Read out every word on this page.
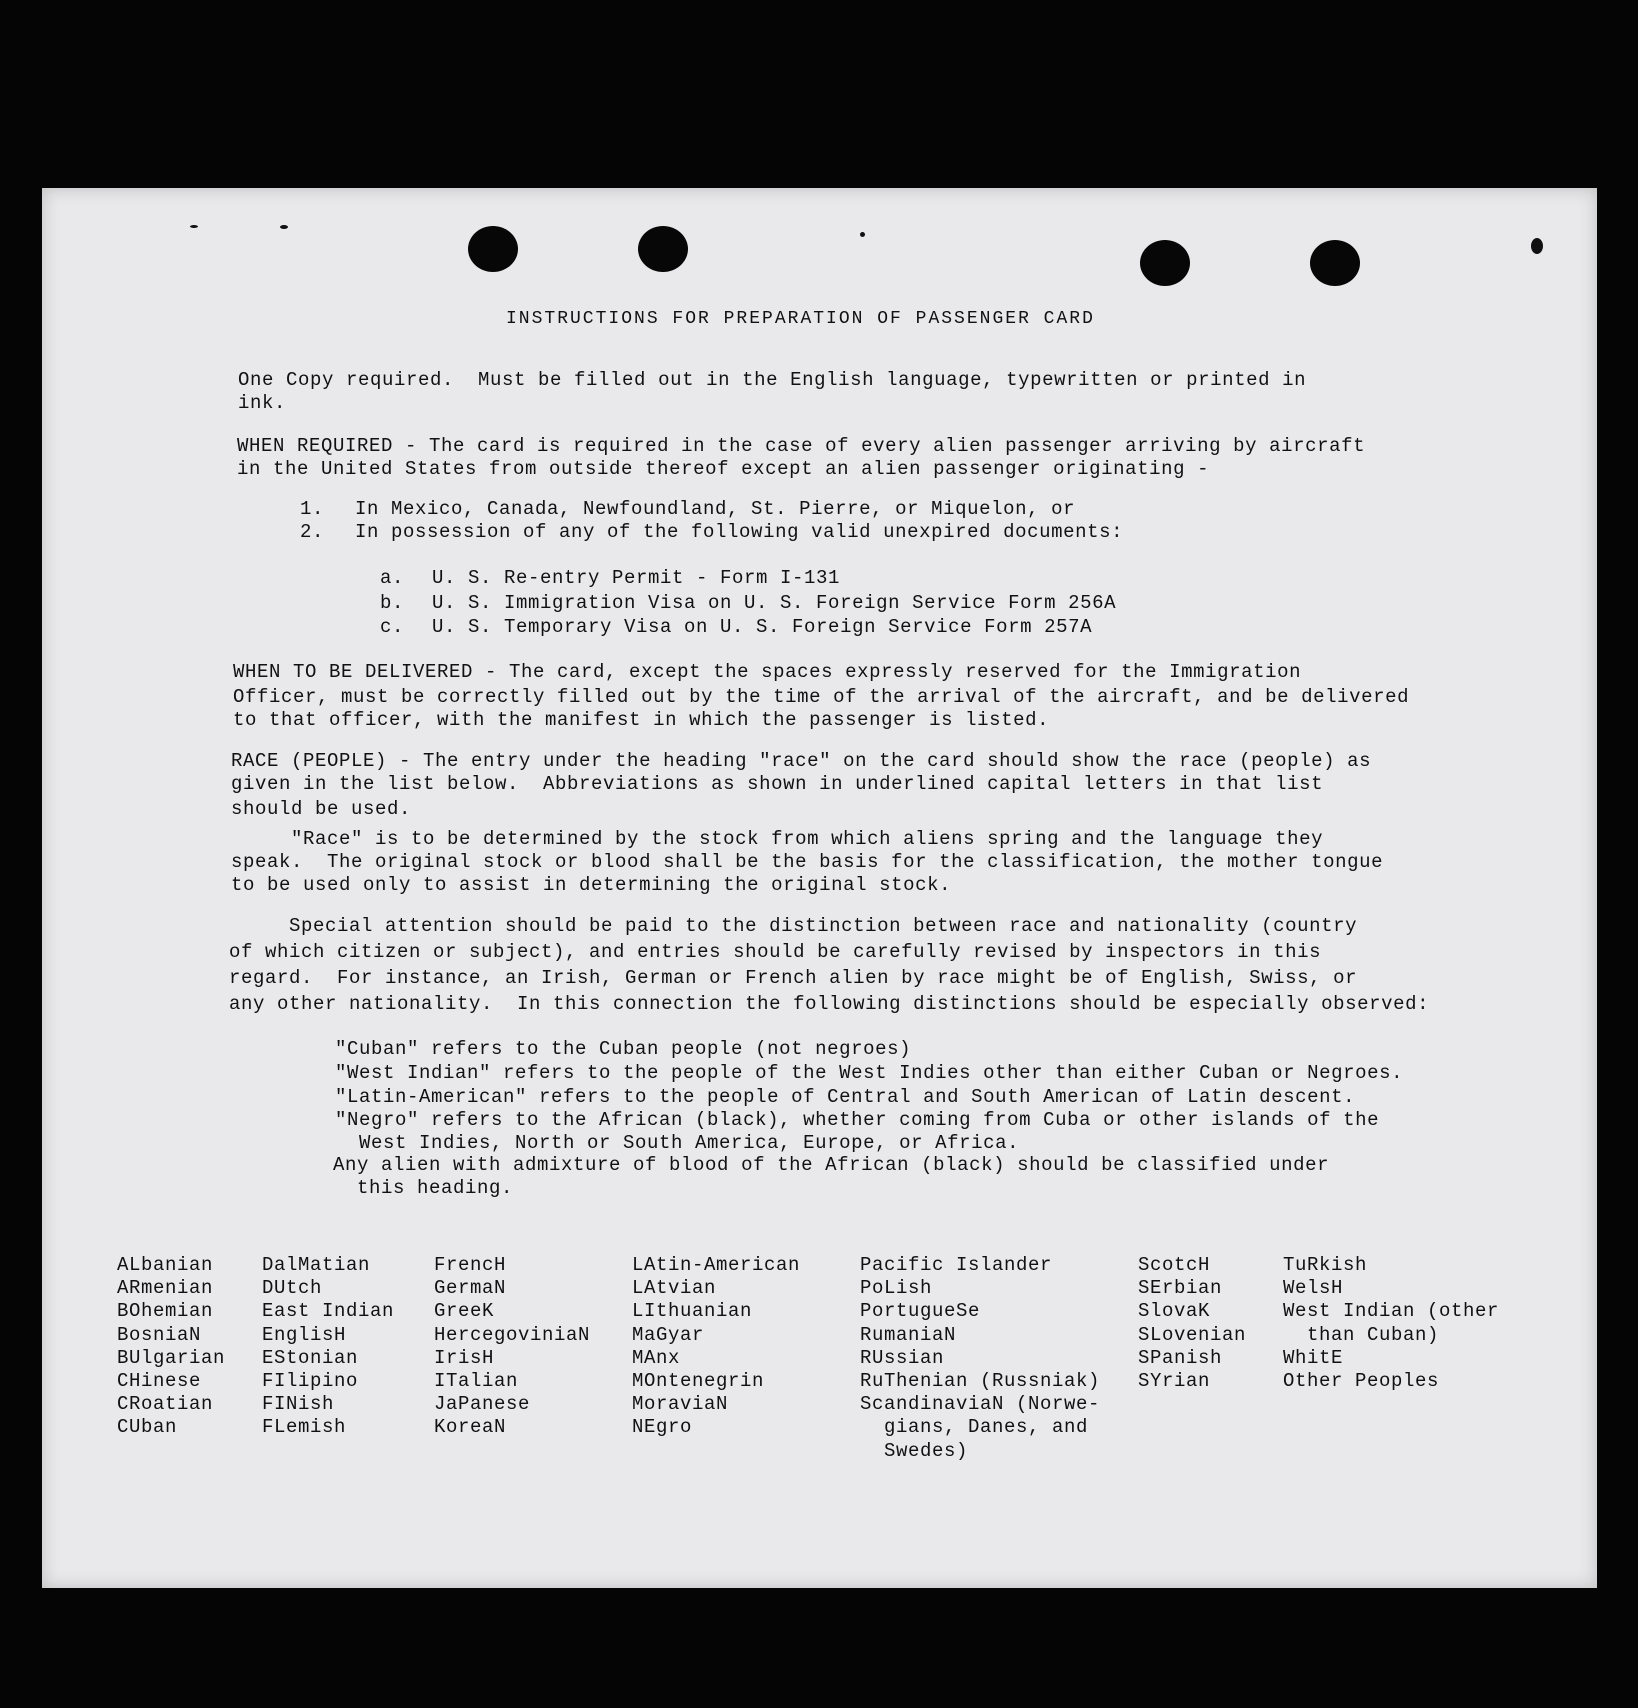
INSTRUCTIONS FOR PREPARATION OF PASSENGER CARD
One Copy required.  Must be filled out in the English language, typewritten or printed in
ink.
WHEN REQUIRED - The card is required in the case of every alien passenger arriving by aircraft
in the United States from outside thereof except an alien passenger originating -
1. In Mexico, Canada, Newfoundland, St. Pierre, or Miquelon, or
2. In possession of any of the following valid unexpired documents:
a. U. S. Re-entry Permit - Form I-131
b. U. S. Immigration Visa on U. S. Foreign Service Form 256A
c. U. S. Temporary Visa on U. S. Foreign Service Form 257A
WHEN TO BE DELIVERED - The card, except the spaces expressly reserved for the Immigration
Officer, must be correctly filled out by the time of the arrival of the aircraft, and be delivered
to that officer, with the manifest in which the passenger is listed.
RACE (PEOPLE) - The entry under the heading "race" on the card should show the race (people) as
given in the list below.  Abbreviations as shown in underlined capital letters in that list
should be used.
"Race" is to be determined by the stock from which aliens spring and the language they
speak.  The original stock or blood shall be the basis for the classification, the mother tongue
to be used only to assist in determining the original stock.
Special attention should be paid to the distinction between race and nationality (country
of which citizen or subject), and entries should be carefully revised by inspectors in this
regard.  For instance, an Irish, German or French alien by race might be of English, Swiss, or
any other nationality.  In this connection the following distinctions should be especially observed:
"Cuban" refers to the Cuban people (not negroes)
"West Indian" refers to the people of the West Indies other than either Cuban or Negroes.
"Latin-American" refers to the people of Central and South American of Latin descent.
"Negro" refers to the African (black), whether coming from Cuba or other islands of the
West Indies, North or South America, Europe, or Africa.
Any alien with admixture of blood of the African (black) should be classified under
this heading.
ALbanian
ARmenian
BOhemian
BosniaN
BUlgarian
CHinese
CRoatian
CUban
DalMatian
DUtch
East Indian
EnglisH
EStonian
FIlipino
FINish
FLemish
FrencH
GermaN
GreeK
HercegoviniaN
IrisH
ITalian
JaPanese
KoreaN
LAtin-American
LAtvian
LIthuanian
MaGyar
MAnx
MOntenegrin
MoraviaN
NEgro
Pacific Islander
PoLish
PortugueSe
RumaniaN
RUssian
RuThenian (Russniak)
ScandinaviaN (Norwe-
gians, Danes, and
Swedes)
ScotcH
SErbian
SlovaK
SLovenian
SPanish
SYrian
TuRkish
WelsH
West Indian (other
than Cuban)
WhitE
Other Peoples
